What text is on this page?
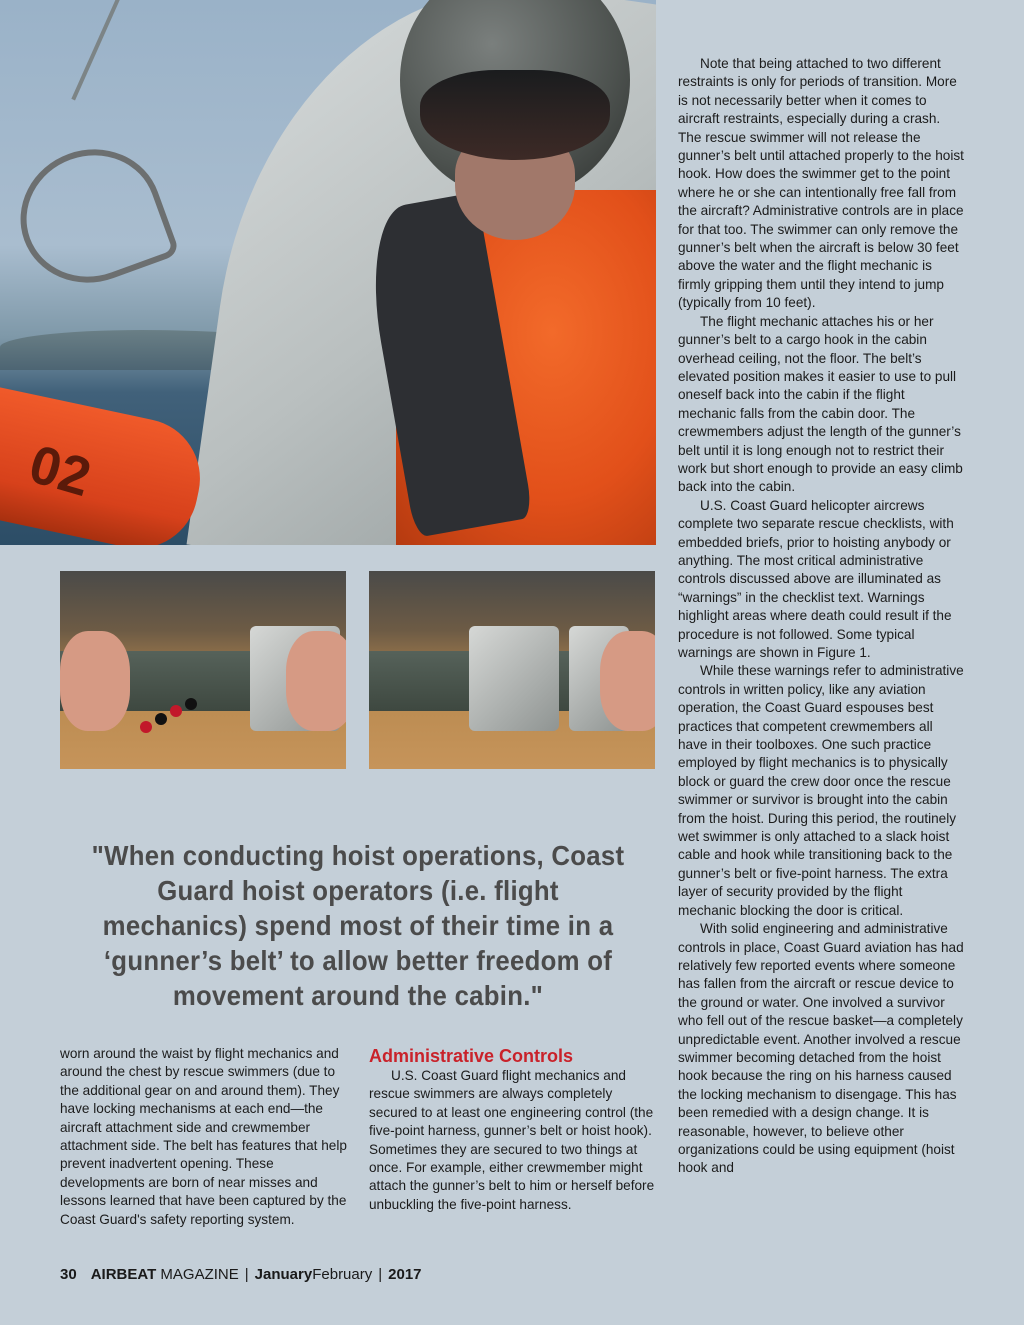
02
"When conducting hoist operations, Coast Guard hoist operators (i.e. flight mechanics) spend most of their time in a ‘gunner’s belt’ to allow better freedom of movement around the cabin."

worn around the waist by flight mechanics and around the chest by rescue swimmers (due to the additional gear on and around them). They have locking mechanisms at each end—the aircraft attachment side and crewmember attachment side. The belt has features that help prevent inadvertent opening. These developments are born of near misses and lessons learned that have been captured by the Coast Guard's safety reporting system.

Administrative Controls

U.S. Coast Guard flight mechanics and rescue swimmers are always completely secured to at least one engineering control (the five-point harness, gunner’s belt or hoist hook). Sometimes they are secured to two things at once. For example, either crewmember might attach the gunner’s belt to him or herself before unbuckling the five-point harness.

Note that being attached to two different restraints is only for periods of transition. More is not necessarily better when it comes to aircraft restraints, especially during a crash. The rescue swimmer will not release the gunner’s belt until attached properly to the hoist hook. How does the swimmer get to the point where he or she can intentionally free fall from the aircraft? Administrative controls are in place for that too. The swimmer can only remove the gunner’s belt when the aircraft is below 30 feet above the water and the flight mechanic is firmly gripping them until they intend to jump (typically from 10 feet).

The flight mechanic attaches his or her gunner’s belt to a cargo hook in the cabin overhead ceiling, not the floor. The belt’s elevated position makes it easier to use to pull oneself back into the cabin if the flight mechanic falls from the cabin door. The crewmembers adjust the length of the gunner’s belt until it is long enough not to restrict their work but short enough to provide an easy climb back into the cabin.

U.S. Coast Guard helicopter aircrews complete two separate rescue checklists, with embedded briefs, prior to hoisting anybody or anything. The most critical administrative controls discussed above are illuminated as “warnings” in the checklist text. Warnings highlight areas where death could result if the procedure is not followed. Some typical warnings are shown in Figure 1.

While these warnings refer to administrative controls in written policy, like any aviation operation, the Coast Guard espouses best practices that competent crewmembers all have in their toolboxes. One such practice employed by flight mechanics is to physically block or guard the crew door once the rescue swimmer or survivor is brought into the cabin from the hoist. During this period, the routinely wet swimmer is only attached to a slack hoist cable and hook while transitioning back to the gunner’s belt or five-point harness. The extra layer of security provided by the flight mechanic blocking the door is critical.

With solid engineering and administrative controls in place, Coast Guard aviation has had relatively few reported events where someone has fallen from the aircraft or rescue device to the ground or water. One involved a survivor who fell out of the rescue basket—a completely unpredictable event. Another involved a rescue swimmer becoming detached from the hoist hook because the ring on his harness caused the locking mechanism to disengage. This has been remedied with a design change. It is reasonable, however, to believe other organizations could be using equipment (hoist hook and

30 AIRBEAT MAGAZINE | JanuaryFebruary | 2017
